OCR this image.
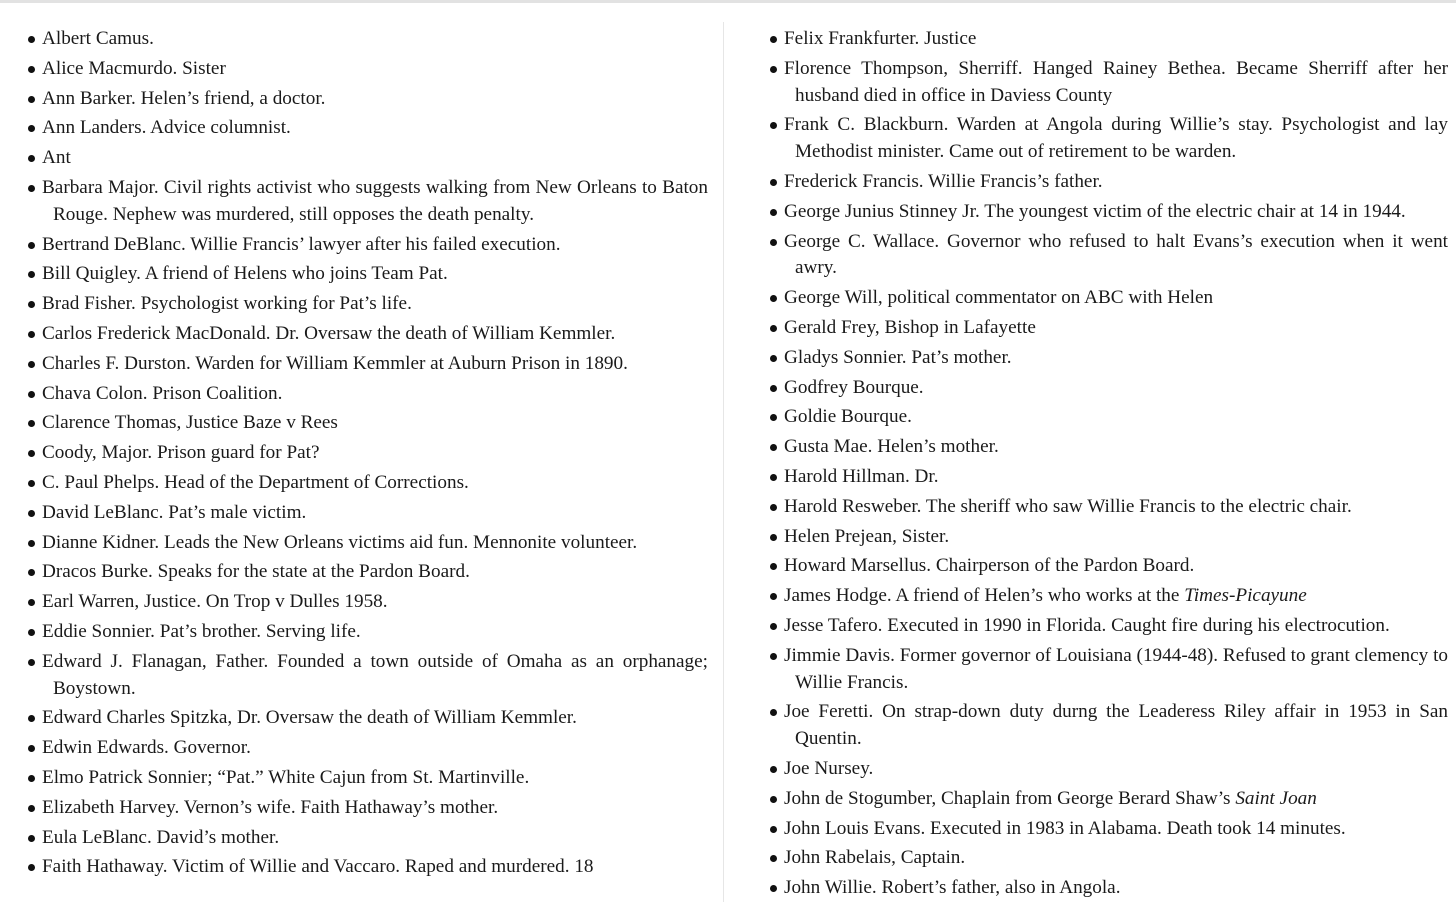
Albert Camus.
Alice Macmurdo. Sister
Ann Barker. Helen’s friend, a doctor.
Ann Landers. Advice columnist.
Ant
Barbara Major. Civil rights activist who suggests walking from New Orleans to Baton Rouge. Nephew was murdered, still opposes the death penalty.
Bertrand DeBlanc. Willie Francis’ lawyer after his failed execution.
Bill Quigley. A friend of Helens who joins Team Pat.
Brad Fisher. Psychologist working for Pat’s life.
Carlos Frederick MacDonald. Dr. Oversaw the death of William Kemmler.
Charles F. Durston. Warden for William Kemmler at Auburn Prison in 1890.
Chava Colon. Prison Coalition.
Clarence Thomas, Justice Baze v Rees
Coody, Major. Prison guard for Pat?
C. Paul Phelps. Head of the Department of Corrections.
David LeBlanc. Pat’s male victim.
Dianne Kidner. Leads the New Orleans victims aid fun. Mennonite volunteer.
Dracos Burke. Speaks for the state at the Pardon Board.
Earl Warren, Justice. On Trop v Dulles 1958.
Eddie Sonnier. Pat’s brother. Serving life.
Edward J. Flanagan, Father. Founded a town outside of Omaha as an orphanage; Boystown.
Edward Charles Spitzka, Dr. Oversaw the death of William Kemmler.
Edwin Edwards. Governor.
Elmo Patrick Sonnier; “Pat.” White Cajun from St. Martinville.
Elizabeth Harvey. Vernon’s wife. Faith Hathaway’s mother.
Eula LeBlanc. David’s mother.
Faith Hathaway. Victim of Willie and Vaccaro. Raped and murdered. 18
Felix Frankfurter. Justice
Florence Thompson, Sherriff. Hanged Rainey Bethea. Became Sherriff after her husband died in office in Daviess County
Frank C. Blackburn. Warden at Angola during Willie’s stay. Psychologist and lay Methodist minister. Came out of retirement to be warden.
Frederick Francis. Willie Francis’s father.
George Junius Stinney Jr. The youngest victim of the electric chair at 14 in 1944.
George C. Wallace. Governor who refused to halt Evans’s execution when it went awry.
George Will, political commentator on ABC with Helen
Gerald Frey, Bishop in Lafayette
Gladys Sonnier. Pat’s mother.
Godfrey Bourque.
Goldie Bourque.
Gusta Mae. Helen’s mother.
Harold Hillman. Dr.
Harold Resweber. The sheriff who saw Willie Francis to the electric chair.
Helen Prejean, Sister.
Howard Marsellus. Chairperson of the Pardon Board.
James Hodge. A friend of Helen’s who works at the Times-Picayune
Jesse Tafero. Executed in 1990 in Florida. Caught fire during his electrocution.
Jimmie Davis. Former governor of Louisiana (1944-48). Refused to grant clemency to Willie Francis.
Joe Feretti. On strap-down duty durng the Leaderess Riley affair in 1953 in San Quentin.
Joe Nursey.
John de Stogumber, Chaplain from George Berard Shaw’s Saint Joan
John Louis Evans. Executed in 1983 in Alabama. Death took 14 minutes.
John Rabelais, Captain.
John Willie. Robert’s father, also in Angola.
